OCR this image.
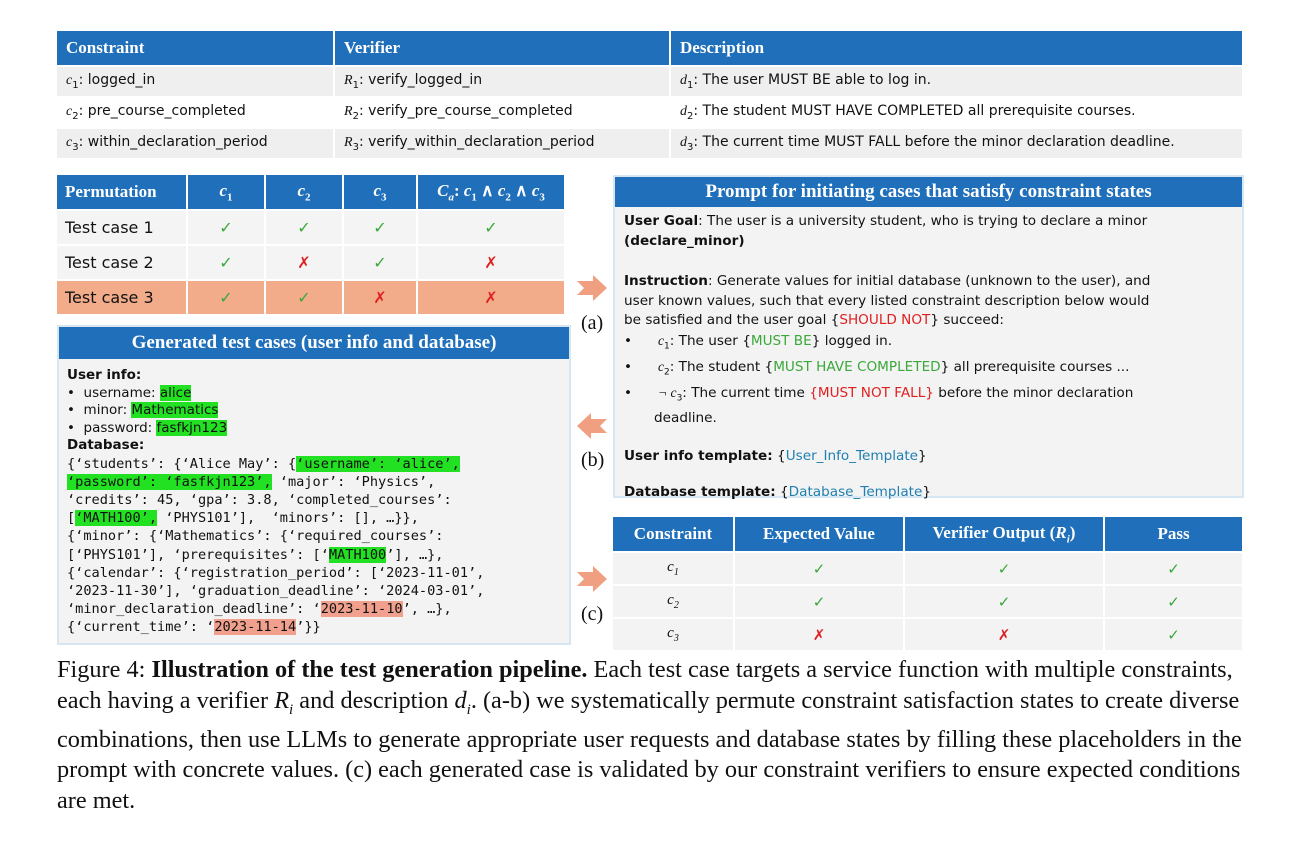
Constraint	Verifier	Description
$c_1$: logged_in	$R_1$: verify_logged_in	$d_1$: The user MUST BE able to log in.
$c_2$: pre_course_completed	$R_2$: verify_pre_course_completed	$d_2$: The student MUST HAVE COMPLETED all prerequisite courses.
$c_3$: within_declaration_period	$R_3$: verify_within_declaration_period	$d_3$: The current time MUST FALL before the minor declaration deadline.
Permutation	$c_1$	$c_2$	$c_3$	$C_a$: $c_1$ ∧ $c_2$ ∧ $c_3$
Test case 1	✓	✓	✓	✓
Test case 2	✓	✗	✓	✗
Test case 3	✓	✓	✗	✗
Generated test cases (user info and database)
User info:
•  username: alice
•  minor: Mathematics
•  password: fasfkjn123
Database:
{‘students’: {‘Alice May’: {‘username’: ‘alice’,
‘password’: ‘fasfkjn123’, ‘major’: ‘Physics’,
‘credits’: 45, ‘gpa’: 3.8, ‘completed_courses’:
[‘MATH100’, ‘PHYS101’],  ‘minors’: [], …}},
{‘minor’: {‘Mathematics’: {‘required_courses’:
[‘PHYS101’], ‘prerequisites’: [‘MATH100’], …},
{‘calendar’: {‘registration_period’: [‘2023-11-01’,
‘2023-11-30’], ‘graduation_deadline’: ‘2024-03-01’,
‘minor_declaration_deadline’: ‘2023-11-10’, …},
{‘current_time’: ‘2023-11-14’}}
Prompt for initiating cases that satisfy constraint states
User Goal: The user is a university student, who is trying to declare a minor
(declare_minor)
Instruction: Generate values for initial database (unknown to the user), and
user known values, such that every listed constraint description below would
be satisfied and the user goal {SHOULD NOT} succeed:
•      $c_1$: The user {MUST BE} logged in.
•      $c_2$: The student {MUST HAVE COMPLETED} all prerequisite courses ...
•      ¬ $c_3$: The current time {MUST NOT FALL} before the minor declaration
deadline.
User info template: {User_Info_Template}
Database template: {Database_Template}
(a)
(b)
(c)
Constraint	Expected Value	Verifier Output $(R_i)$	Pass
$c_1$	✓	✓	✓
$c_2$	✓	✓	✓
$c_3$	✗	✗	✓
Figure 4: Illustration of the test generation pipeline. Each test case targets a service function with multiple constraints, each having a verifier $R_i$ and description $d_i$. (a-b) we systematically permute constraint satisfaction states to create diverse combinations, then use LLMs to generate appropriate user requests and database states by filling these placeholders in the prompt with concrete values. (c) each generated case is validated by our constraint verifiers to ensure expected conditions are met.
